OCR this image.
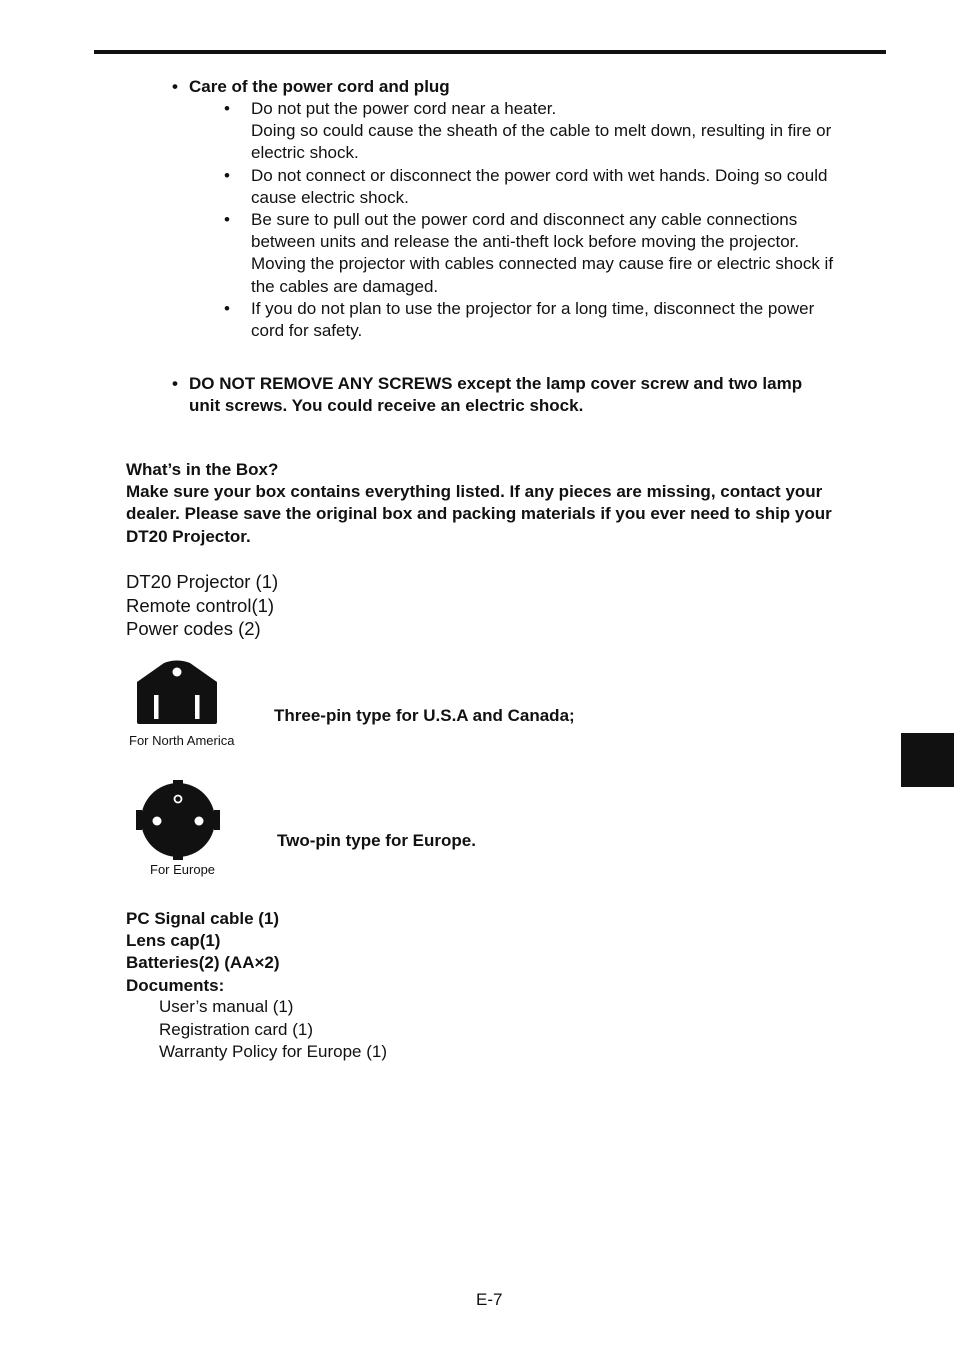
• Care of the power cord and plug
• Do not put the power cord near a heater.
Doing so could cause the sheath of the cable to melt down, resulting in fire or
electric shock.
• Do not connect or disconnect the power cord with wet hands. Doing so could
cause electric shock.
• Be sure to pull out the power cord and disconnect any cable connections
between units and release the anti-theft lock before moving the projector.
Moving the projector with cables connected may cause fire or electric shock if
the cables are damaged.
• If you do not plan to use the projector for a long time, disconnect the power
cord for safety.
• DO NOT REMOVE ANY SCREWS except the lamp cover screw and two lamp
unit screws. You could receive an electric shock.
What’s in the Box?
Make sure your box contains everything listed. If any pieces are missing, contact your
dealer. Please save the original box and packing materials if you ever need to ship your
DT20 Projector.
DT20 Projector (1)
Remote control(1)
Power codes (2)
For North America
Three-pin type for U.S.A and Canada;
For Europe
Two-pin type for Europe.
PC Signal cable (1)
Lens cap(1)
Batteries(2) (AA×2)
Documents:
User’s manual (1)
Registration card (1)
Warranty Policy for Europe (1)
E-7
